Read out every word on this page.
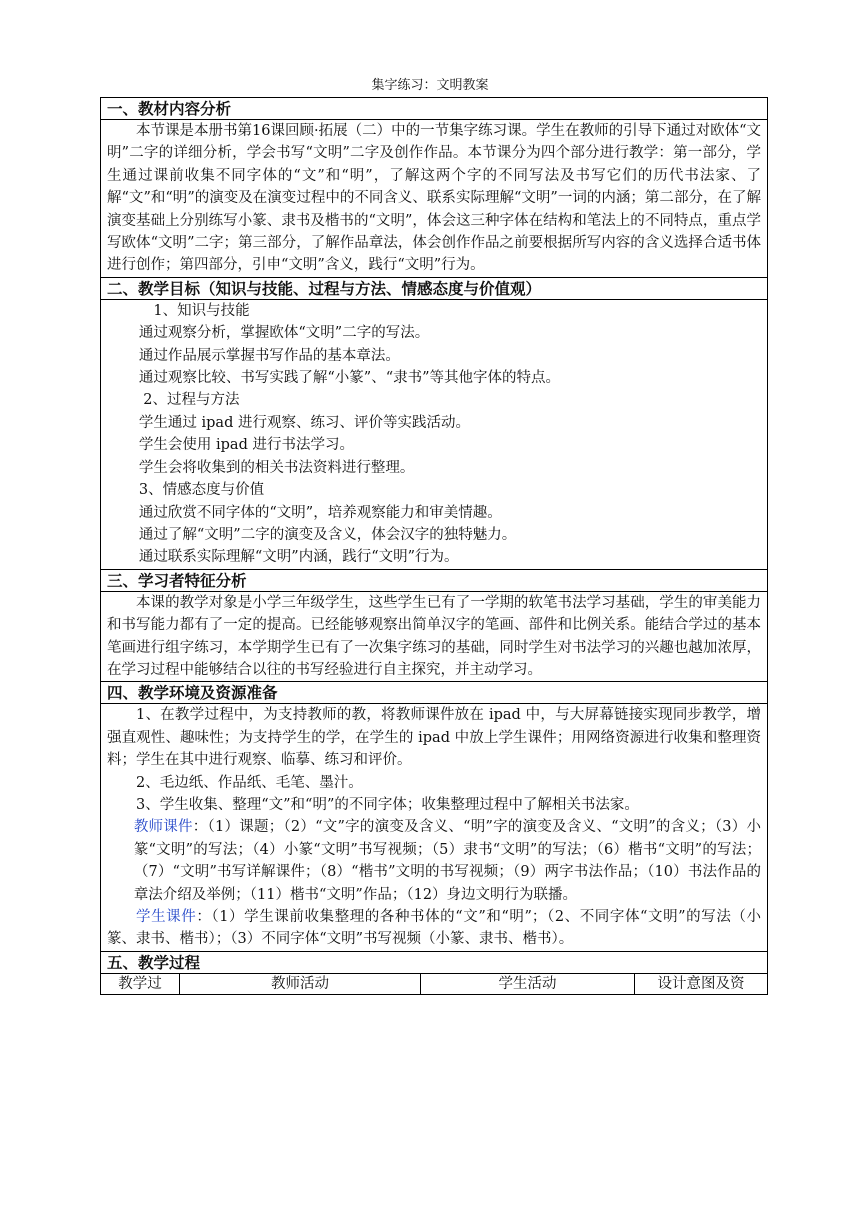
集字练习：文明教案
一、教材内容分析

本节课是本册书第16课回顾·拓展（二）中的一节集字练习课。学生在教师的引导下通过对欧体“文明”二字的详细分析，学会书写“文明”二字及创作作品。本节课分为四个部分进行教学：第一部分，学生通过课前收集不同字体的“文”和“明”，了解这两个字的不同写法及书写它们的历代书法家、了解“文”和“明”的演变及在演变过程中的不同含义、联系实际理解“文明”一词的内涵；第二部分，在了解演变基础上分别练写小篆、隶书及楷书的“文明”，体会这三种字体在结构和笔法上的不同特点，重点学写欧体“文明”二字；第三部分，了解作品章法，体会创作作品之前要根据所写内容的含义选择合适书体进行创作；第四部分，引申“文明”含义，践行“文明”行为。

二、教学目标（知识与技能、过程与方法、情感态度与价值观）

1、知识与技能

通过观察分析，掌握欧体“文明”二字的写法。

通过作品展示掌握书写作品的基本章法。

通过观察比较、书写实践了解“小篆”、“隶书”等其他字体的特点。

2、过程与方法

学生通过 ipad 进行观察、练习、评价等实践活动。

学生会使用 ipad 进行书法学习。

学生会将收集到的相关书法资料进行整理。

3、情感态度与价值

通过欣赏不同字体的“文明”，培养观察能力和审美情趣。

通过了解“文明”二字的演变及含义，体会汉字的独特魅力。

通过联系实际理解“文明”内涵，践行“文明”行为。

三、学习者特征分析

本课的教学对象是小学三年级学生，这些学生已有了一学期的软笔书法学习基础，学生的审美能力和书写能力都有了一定的提高。已经能够观察出简单汉字的笔画、部件和比例关系。能结合学过的基本笔画进行组字练习，本学期学生已有了一次集字练习的基础，同时学生对书法学习的兴趣也越加浓厚，在学习过程中能够结合以往的书写经验进行自主探究，并主动学习。

四、教学环境及资源准备

1、在教学过程中，为支持教师的教，将教师课件放在 ipad 中，与大屏幕链接实现同步教学，增强直观性、趣味性；为支持学生的学，在学生的 ipad 中放上学生课件；用网络资源进行收集和整理资料；学生在其中进行观察、临摹、练习和评价。

2、毛边纸、作品纸、毛笔、墨汁。

3、学生收集、整理“文”和“明”的不同字体；收集整理过程中了解相关书法家。

教师课件：（1）课题；（2）“文”字的演变及含义、“明”字的演变及含义、“文明”的含义；（3）小篆“文明”的写法；（4）小篆“文明”书写视频；（5）隶书“文明”的写法；（6）楷书“文明”的写法；（7）“文明”书写详解课件；（8）“楷书”文明的书写视频；（9）两字书法作品；（10）书法作品的章法介绍及举例；（11）楷书“文明”作品；（12）身边文明行为联播。

学生课件：（1）学生课前收集整理的各种书体的“文”和“明”；（2、不同字体“文明”的写法（小篆、隶书、楷书）；（3）不同字体“文明”书写视频（小篆、隶书、楷书）。

五、教学过程
教学过	教师活动	学生活动	设计意图及资
